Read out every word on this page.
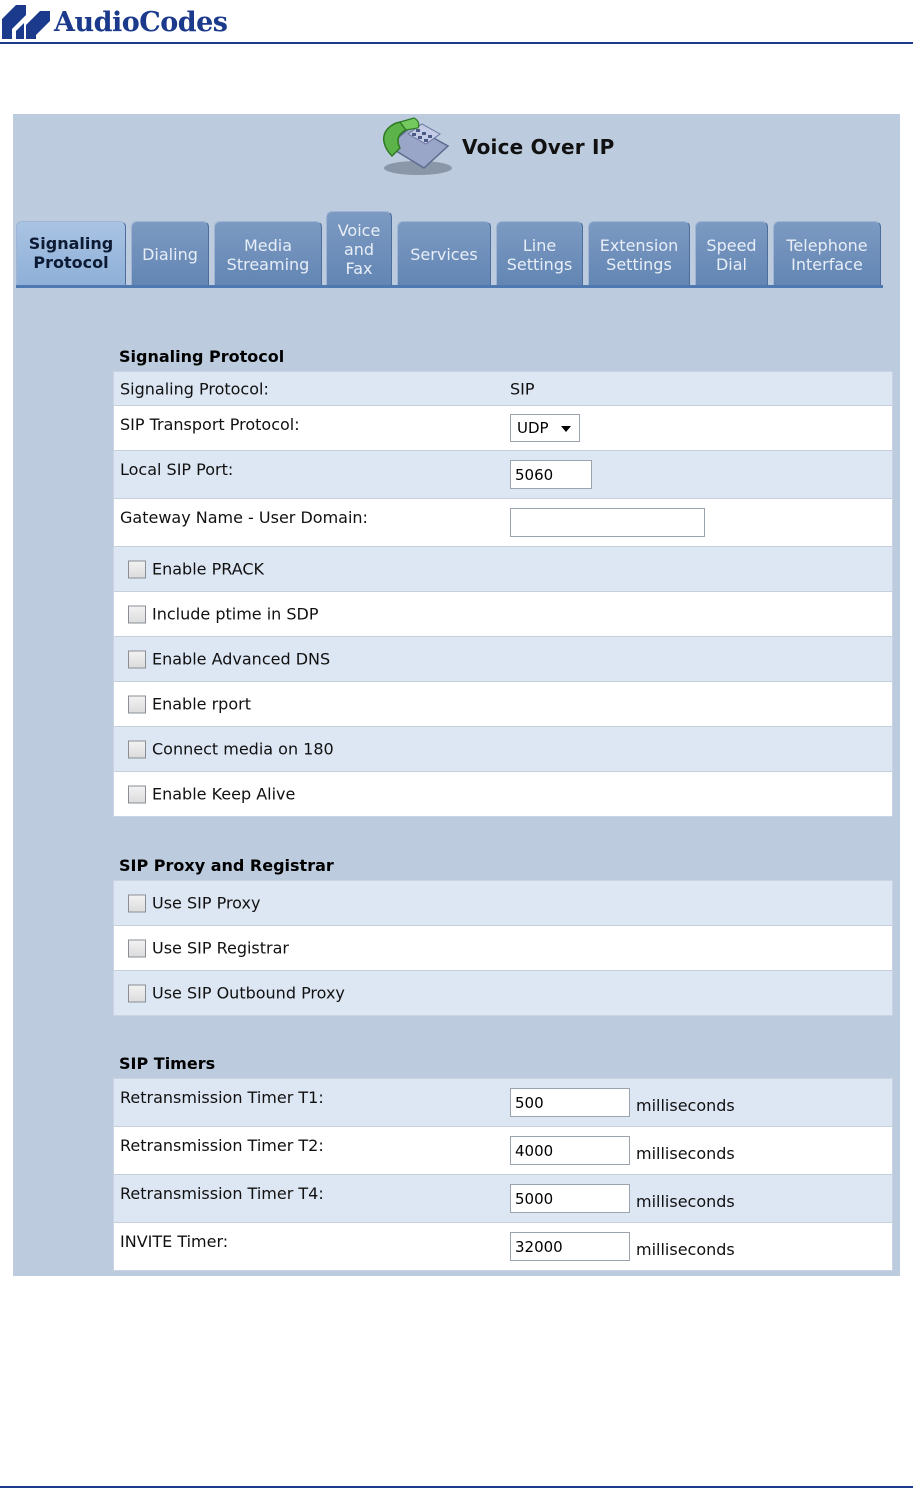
AudioCodes
Voice Over IP
Signaling
Protocol Dialing	Media
Streaming
Voice
and
Fax
Services	Line
Settings
Extension
Settings
Speed
Dial
Telephone
Interface
Signaling Protocol
Signaling Protocol:	SIP
SIP Transport Protocol:	UDP
Local SIP Port:
5060
Gateway Name - User Domain:
Enable PRACK
Include ptime in SDP
Enable Advanced DNS
Enable rport
Connect media on 180
Enable Keep Alive
SIP Proxy and Registrar
Use SIP Proxy
Use SIP Registrar
Use SIP Outbound Proxy
SIP Timers
Retransmission Timer T1:
500	milliseconds
Retransmission Timer T2:
4000	milliseconds
Retransmission Timer T4:
5000	milliseconds
INVITE Timer:
32000	milliseconds
